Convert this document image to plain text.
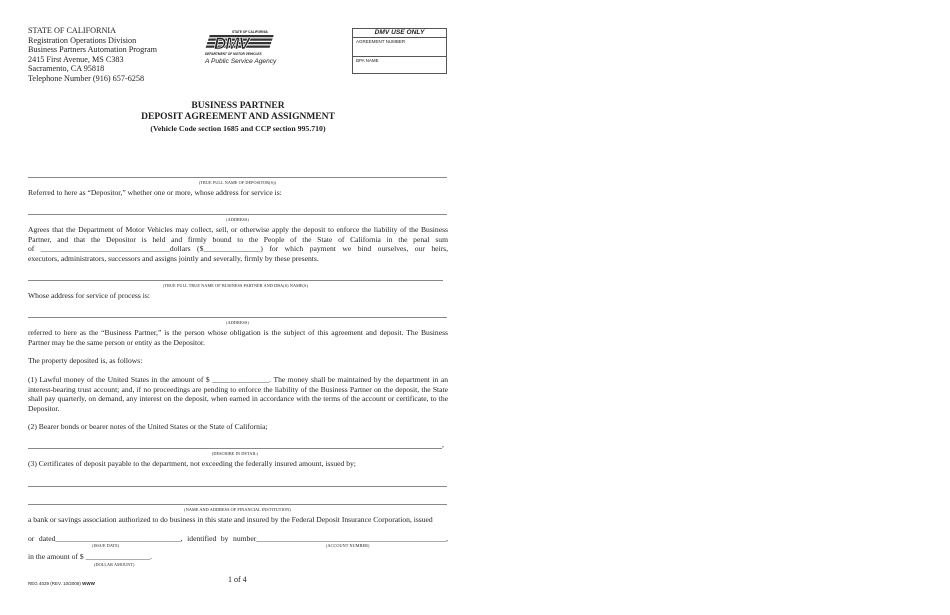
STATE OF CALIFORNIA
Registration Operations Division
Business Partners Automation Program
2415 First Avenue, MS C383
Sacramento, CA 95818
Telephone Number (916) 657-6258
STATE OF CALIFORNIA
DMV
DEPARTMENT OF MOTOR VEHICLES
A Public Service Agency
DMV USE ONLY
AGREEMENT NUMBER
BPA NAME
BUSINESS PARTNER
DEPOSIT AGREEMENT AND ASSIGNMENT
(Vehicle Code section 1685 and CCP section 995.710)
(TRUE FULL NAME OF DEPOSITOR(S))
Referred to here as “Depositor,” whether one or more, whose address for service is:
(ADDRESS)
Agrees that the Department of Motor Vehicles may collect, sell, or otherwise apply the deposit to enforce the liability of the Business Partner, and that the Depositor is held and firmly bound to the People of the State of California in the penal sum
of __________________________________dollars ($_______________) for which payment we bind ourselves, our heirs,
executors, administrators, successors and assigns jointly and severally, firmly by these presents.
(TRUE FULL TRUE NAME OF BUSINESS PARTNER AND DBA(S) NAME(S)
Whose address for service of process is:
(ADDRESS)
referred to here as the “Business Partner,” is the person whose obligation is the subject of this agreement and deposit. The Business Partner may be the same person or entity as the Depositor.
The property deposited is, as follows:
(1) Lawful money of the United States in the amount of $ _______________. The money shall be maintained by the department in an interest-bearing trust account; and, if no proceedings are pending to enforce the liability of the Business Partner on the deposit, the State shall pay quarterly, on demand, any interest on the deposit, when earned in accordance with the terms of the account or certificate, to the Depositor.
(2) Bearer bonds or bearer notes of the United States or the State of California;
,
(DESCRIBE IN DETAIL)
(3) Certificates of deposit payable to the department, not exceeding the federally insured amount, issued by;
(NAME AND ADDRESS OF FINANCIAL INSTITUTION)
a bank or savings association authorized to do business in this state and insured by the Federal Deposit Insurance Corporation, issued
or dated_________________________________, identified by number__________________________________________________,
(ISSUE DATE)	(ACCOUNT NUMBER)
in the amount of $ _________________.
(DOLLAR AMOUNT)
REG 4029 (REV. 10/2008) WWW	1 of 4
